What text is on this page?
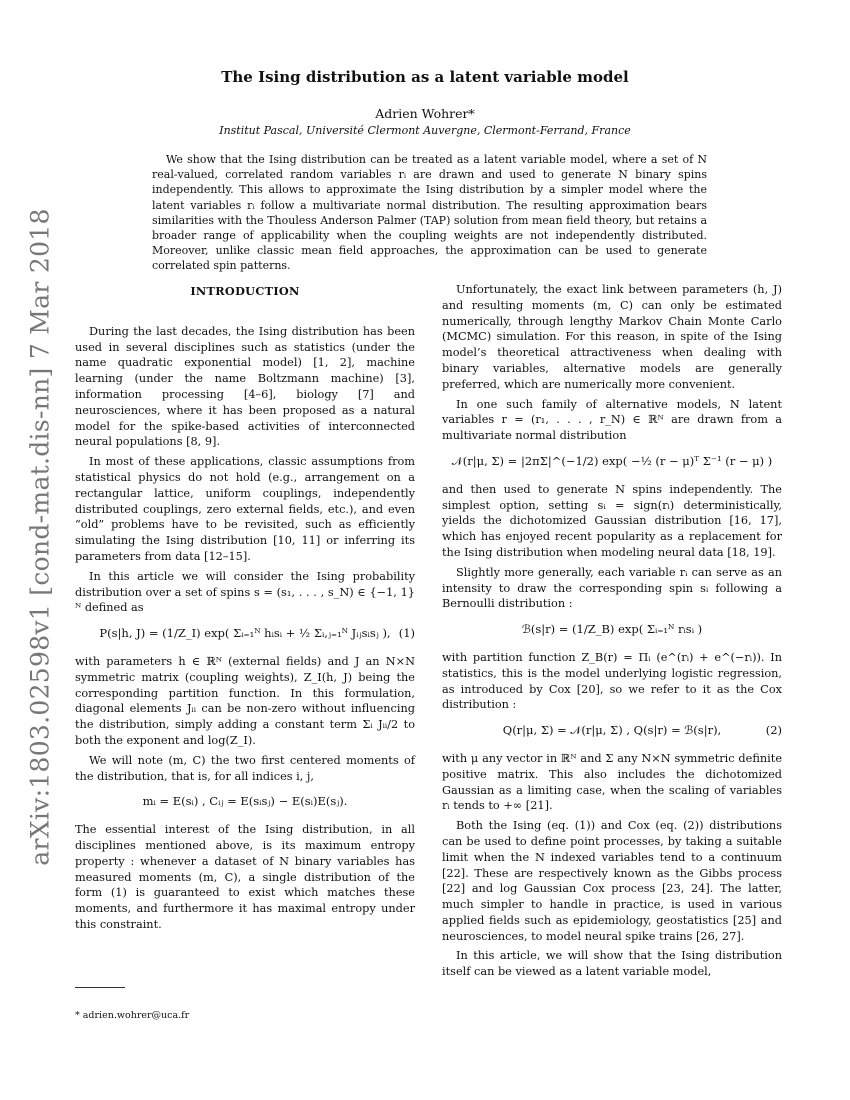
arXiv:1803.02598v1 [cond-mat.dis-nn] 7 Mar 2018
The Ising distribution as a latent variable model
Adrien Wohrer*
Institut Pascal, Université Clermont Auvergne, Clermont-Ferrand, France

We show that the Ising distribution can be treated as a latent variable model, where a set of N real-valued, correlated random variables rᵢ are drawn and used to generate N binary spins independently. This allows to approximate the Ising distribution by a simpler model where the latent variables rᵢ follow a multivariate normal distribution. The resulting approximation bears similarities with the Thouless Anderson Palmer (TAP) solution from mean field theory, but retains a broader range of applicability when the coupling weights are not independently distributed. Moreover, unlike classic mean field approaches, the approximation can be used to generate correlated spin patterns.

INTRODUCTION

During the last decades, the Ising distribution has been used in several disciplines such as statistics (under the name quadratic exponential model) [1, 2], machine learning (under the name Boltzmann machine) [3], information processing [4–6], biology [7] and neurosciences, where it has been proposed as a natural model for the spike-based activities of interconnected neural populations [8, 9].

In most of these applications, classic assumptions from statistical physics do not hold (e.g., arrangement on a rectangular lattice, uniform couplings, independently distributed couplings, zero external fields, etc.), and even “old” problems have to be revisited, such as efficiently simulating the Ising distribution [10, 11] or inferring its parameters from data [12–15].

In this article we will consider the Ising probability distribution over a set of spins s = (s₁, . . . , s_N) ∈ {−1, 1}ᴺ defined as

P(s|h, J) = (1/Z_I) exp( Σᵢ₌₁ᴺ hᵢsᵢ + ½ Σᵢ,ⱼ₌₁ᴺ Jᵢⱼsᵢsⱼ ), (1)

with parameters h ∈ ℝᴺ (external fields) and J an N×N symmetric matrix (coupling weights), Z_I(h, J) being the corresponding partition function. In this formulation, diagonal elements Jᵢᵢ can be non-zero without influencing the distribution, simply adding a constant term Σᵢ Jᵢᵢ/2 to both the exponent and log(Z_I).

We will note (m, C) the two first centered moments of the distribution, that is, for all indices i, j,

mᵢ = E(sᵢ) , Cᵢⱼ = E(sᵢsⱼ) − E(sᵢ)E(sⱼ).

The essential interest of the Ising distribution, in all disciplines mentioned above, is its maximum entropy property : whenever a dataset of N binary variables has measured moments (m, C), a single distribution of the form (1) is guaranteed to exist which matches these moments, and furthermore it has maximal entropy under this constraint.

* adrien.wohrer@uca.fr

Unfortunately, the exact link between parameters (h, J) and resulting moments (m, C) can only be estimated numerically, through lengthy Markov Chain Monte Carlo (MCMC) simulation. For this reason, in spite of the Ising model’s theoretical attractiveness when dealing with binary variables, alternative models are generally preferred, which are numerically more convenient.

In one such family of alternative models, N latent variables r = (r₁, . . . , r_N) ∈ ℝᴺ are drawn from a multivariate normal distribution

𝒩(r|μ, Σ) = |2πΣ|^(−1/2) exp( −½ (r − μ)ᵀ Σ⁻¹ (r − μ) )

and then used to generate N spins independently. The simplest option, setting sᵢ = sign(rᵢ) deterministically, yields the dichotomized Gaussian distribution [16, 17], which has enjoyed recent popularity as a replacement for the Ising distribution when modeling neural data [18, 19].

Slightly more generally, each variable rᵢ can serve as an intensity to draw the corresponding spin sᵢ following a Bernoulli distribution :

ℬ(s|r) = (1/Z_B) exp( Σᵢ₌₁ᴺ rᵢsᵢ )

with partition function Z_B(r) = Πᵢ (e^(rᵢ) + e^(−rᵢ)). In statistics, this is the model underlying logistic regression, as introduced by Cox [20], so we refer to it as the Cox distribution :

Q(r|μ, Σ) = 𝒩(r|μ, Σ) , Q(s|r) = ℬ(s|r),	(2)

with μ any vector in ℝᴺ and Σ any N×N symmetric definite positive matrix. This also includes the dichotomized Gaussian as a limiting case, when the scaling of variables rᵢ tends to +∞ [21].

Both the Ising (eq. (1)) and Cox (eq. (2)) distributions can be used to define point processes, by taking a suitable limit when the N indexed variables tend to a continuum [22]. These are respectively known as the Gibbs process [22] and log Gaussian Cox process [23, 24]. The latter, much simpler to handle in practice, is used in various applied fields such as epidemiology, geostatistics [25] and neurosciences, to model neural spike trains [26, 27].

In this article, we will show that the Ising distribution itself can be viewed as a latent variable model,
